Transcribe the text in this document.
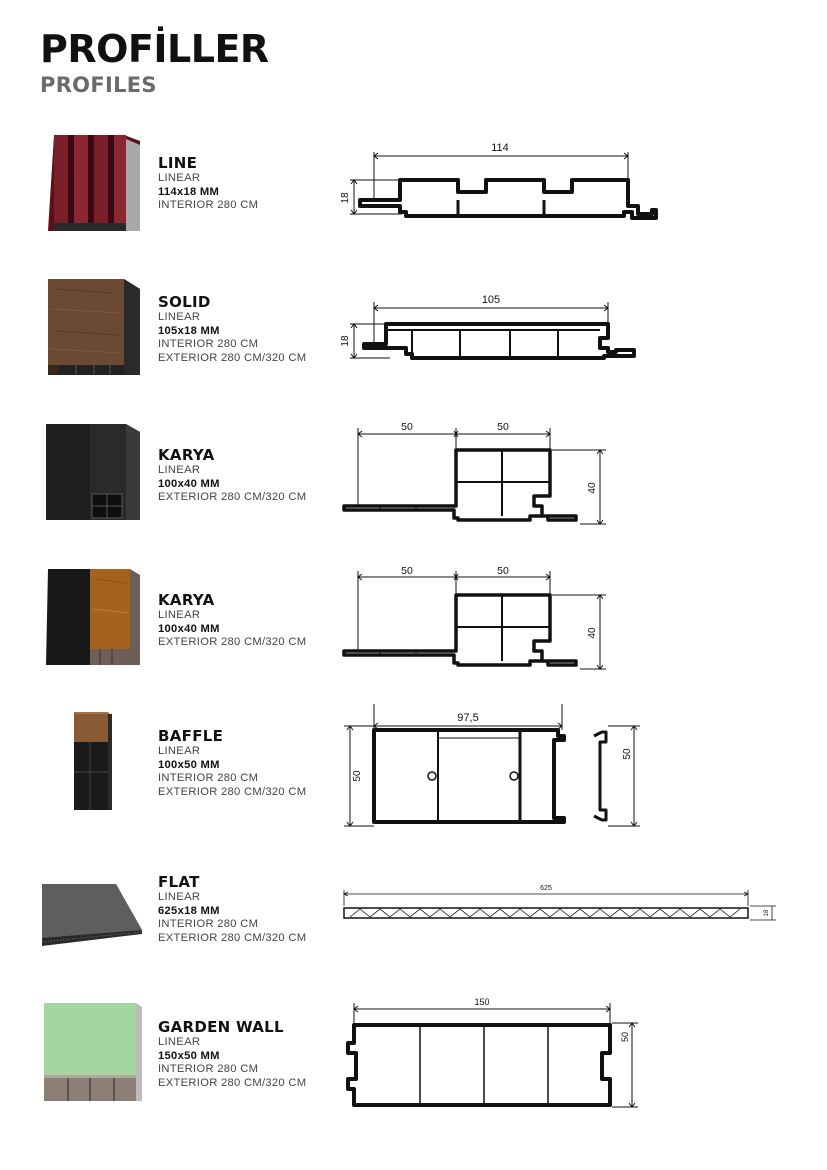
PROFİLLER
PROFILES
LINE
LINEAR
114x18 MM
INTERIOR 280 CM
114
18
SOLID
LINEAR
105x18 MM
INTERIOR 280 CM
EXTERIOR 280 CM/320 CM
105
18
KARYA
LINEAR
100x40 MM
EXTERIOR 280 CM/320 CM
50	50
40
KARYA
LINEAR
100x40 MM
EXTERIOR 280 CM/320 CM
50	50
40
BAFFLE
LINEAR
100x50 MM
INTERIOR 280 CM
EXTERIOR 280 CM/320 CM
97,5
50
50
FLAT
LINEAR
625x18 MM
INTERIOR 280 CM
EXTERIOR 280 CM/320 CM
625
18
GARDEN WALL
LINEAR
150x50 MM
INTERIOR 280 CM
EXTERIOR 280 CM/320 CM
150
50
